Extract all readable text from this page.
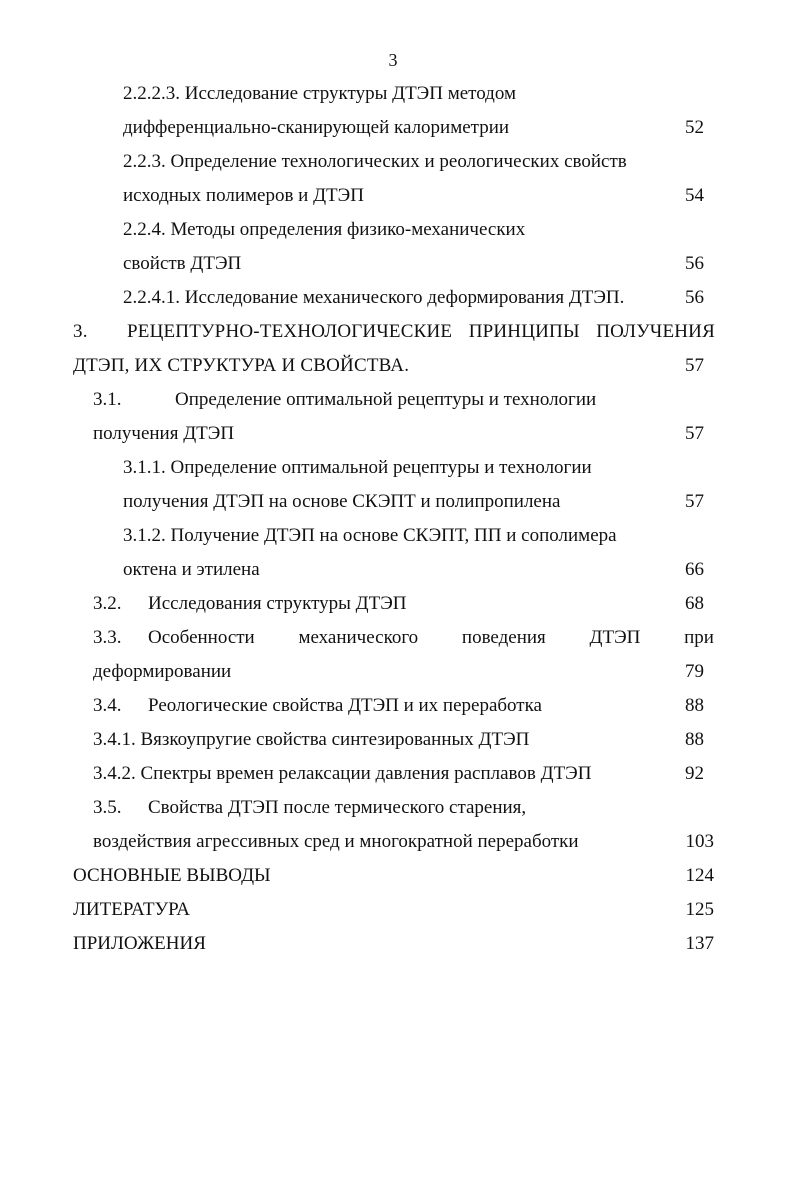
3
2.2.2.3. Исследование структуры ДТЭП методом
дифференциально-сканирующей калориметрии	52
2.2.3. Определение технологических и реологических свойств
исходных полимеров и ДТЭП	54
2.2.4. Методы определения физико-механических
свойств ДТЭП	56
2.2.4.1. Исследование механического деформирования ДТЭП.	56
3. РЕЦЕПТУРНО-ТЕХНОЛОГИЧЕСКИЕ ПРИНЦИПЫ ПОЛУЧЕНИЯ
ДТЭП, ИХ СТРУКТУРА И СВОЙСТВА.	57
3.1.	Определение оптимальной рецептуры и технологии
получения ДТЭП	57
3.1.1. Определение оптимальной рецептуры и технологии
получения ДТЭП на основе СКЭПТ и полипропилена	57
3.1.2. Получение ДТЭП на основе СКЭПТ, ПП и сополимера
октена и этилена	66
3.2. Исследования структуры ДТЭП	68
3.3. Особенности механического поведения ДТЭП при
деформировании	79
3.4. Реологические свойства ДТЭП и их переработка	88
3.4.1. Вязкоупругие свойства синтезированных ДТЭП	88
3.4.2. Спектры времен релаксации давления расплавов ДТЭП	92
3.5. Свойства ДТЭП после термического старения,
воздействия агрессивных сред и многократной переработки	103
ОСНОВНЫЕ ВЫВОДЫ	124
ЛИТЕРАТУРА	125
ПРИЛОЖЕНИЯ	137
